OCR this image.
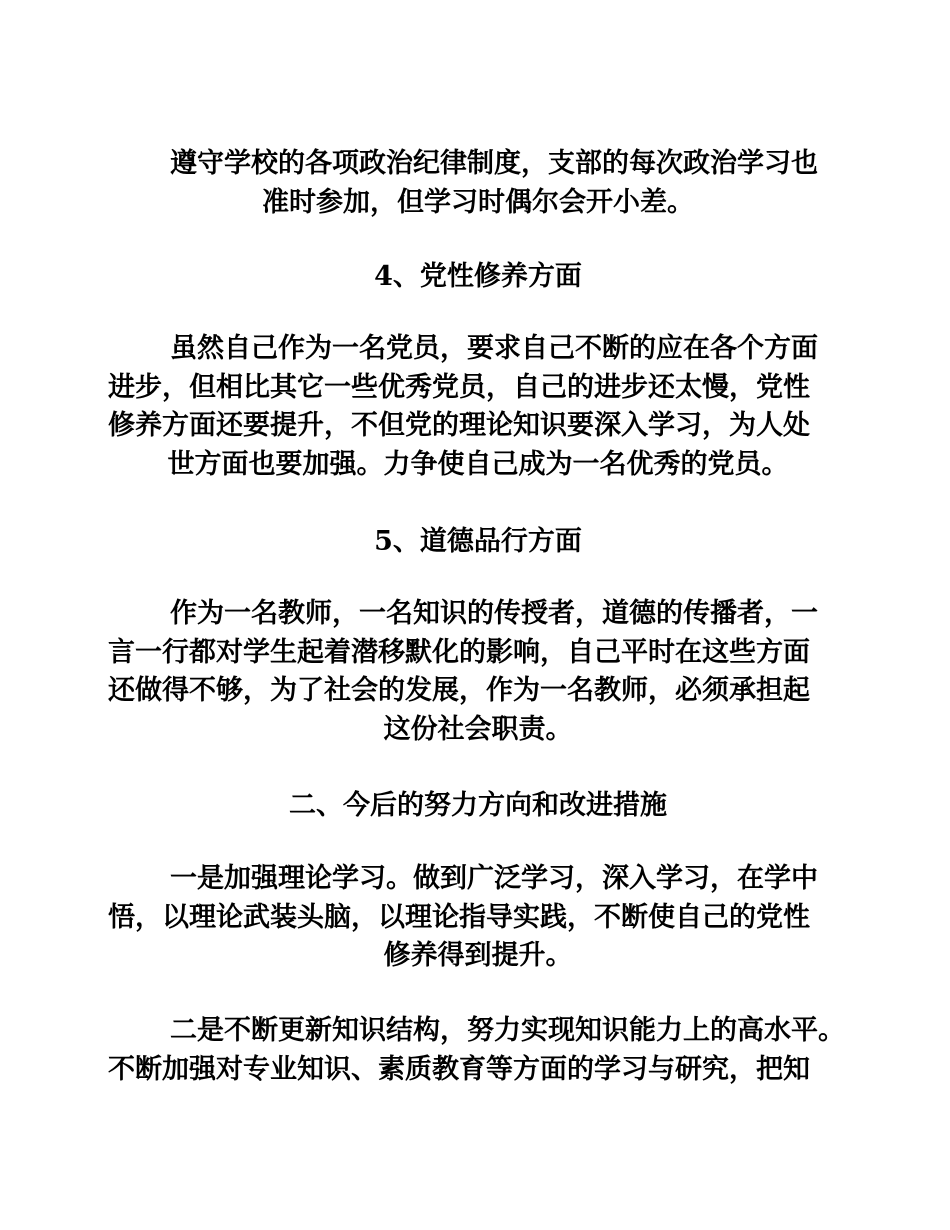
遵守学校的各项政治纪律制度，支部的每次政治学习也
准时参加，但学习时偶尔会开小差。
4、党性修养方面
虽然自己作为一名党员，要求自己不断的应在各个方面
进步，但相比其它一些优秀党员，自己的进步还太慢，党性
修养方面还要提升，不但党的理论知识要深入学习，为人处
世方面也要加强。力争使自己成为一名优秀的党员。
5、道德品行方面
作为一名教师，一名知识的传授者，道德的传播者，一
言一行都对学生起着潜移默化的影响，自己平时在这些方面
还做得不够，为了社会的发展，作为一名教师，必须承担起
这份社会职责。
二、今后的努力方向和改进措施
一是加强理论学习。做到广泛学习，深入学习，在学中
悟，以理论武装头脑，以理论指导实践，不断使自己的党性
修养得到提升。
二是不断更新知识结构，努力实现知识能力上的高水平。
不断加强对专业知识、素质教育等方面的学习与研究，把知
